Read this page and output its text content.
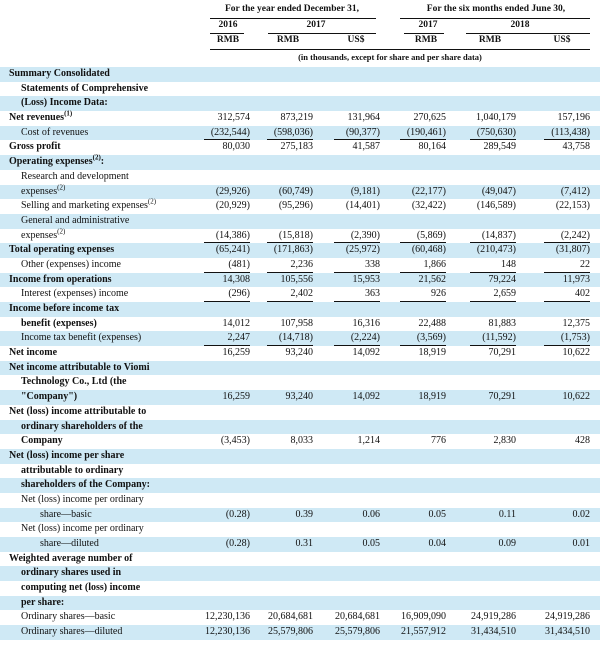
For the year ended December 31,	For the six months ended June 30,
2016	2017	2017	2018
RMB	RMB	US$	RMB	RMB	US$
(in thousands, except for share and per share data)
Summary Consolidated
Statements of Comprehensive
(Loss) Income Data:
Net revenues$^{(1)}$	312,574	873,219	131,964	270,625	1,040,179	157,196
Cost of revenues	(232,544)	(598,036)	(90,377)	(190,461)	(750,630)	(113,438)
Gross profit	80,030	275,183	41,587	80,164	289,549	43,758
Operating expenses$^{(2)}$:
Research and development
expenses$^{(2)}$	(29,926)	(60,749)	(9,181)	(22,177)	(49,047)	(7,412)
Selling and marketing expenses$^{(2)}$	(20,929)	(95,296)	(14,401)	(32,422)	(146,589)	(22,153)
General and administrative
expenses$^{(2)}$	(14,386)	(15,818)	(2,390)	(5,869)	(14,837)	(2,242)
Total operating expenses	(65,241)	(171,863)	(25,972)	(60,468)	(210,473)	(31,807)
Other (expenses) income	(481)	2,236	338	1,866	148	22
Income from operations	14,308	105,556	15,953	21,562	79,224	11,973
Interest (expenses) income	(296)	2,402	363	926	2,659	402
Income before income tax
benefit (expenses)	14,012	107,958	16,316	22,488	81,883	12,375
Income tax benefit (expenses)	2,247	(14,718)	(2,224)	(3,569)	(11,592)	(1,753)
Net income	16,259	93,240	14,092	18,919	70,291	10,622
Net income attributable to Viomi
Technology Co., Ltd (the
"Company")	16,259	93,240	14,092	18,919	70,291	10,622
Net (loss) income attributable to
ordinary shareholders of the
Company	(3,453)	8,033	1,214	776	2,830	428
Net (loss) income per share
attributable to ordinary
shareholders of the Company:
Net (loss) income per ordinary
share—basic	(0.28)	0.39	0.06	0.05	0.11	0.02
Net (loss) income per ordinary
share—diluted	(0.28)	0.31	0.05	0.04	0.09	0.01
Weighted average number of
ordinary shares used in
computing net (loss) income
per share:
Ordinary shares—basic	12,230,136	20,684,681	20,684,681	16,909,090	24,919,286	24,919,286
Ordinary shares—diluted	12,230,136	25,579,806	25,579,806	21,557,912	31,434,510	31,434,510
